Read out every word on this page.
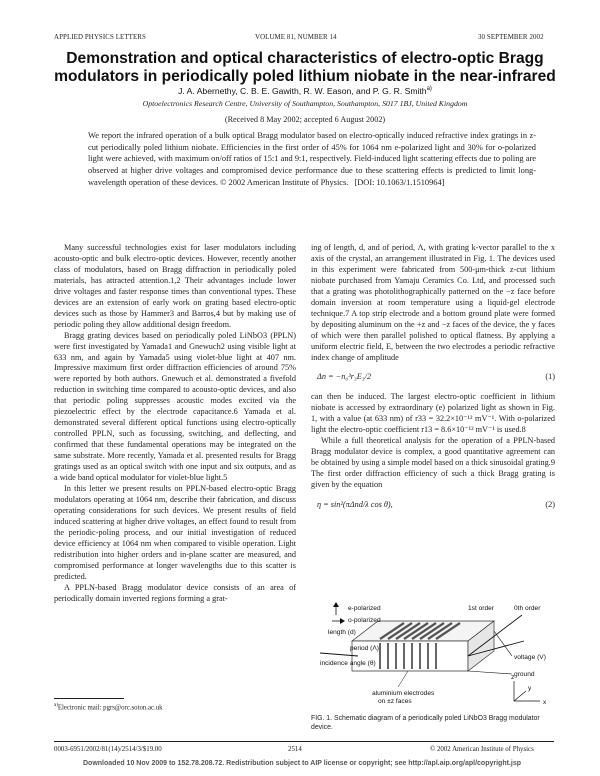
APPLIED PHYSICS LETTERS	VOLUME 81, NUMBER 14	30 SEPTEMBER 2002
Demonstration and optical characteristics of electro-optic Bragg modulators in periodically poled lithium niobate in the near-infrared
J. A. Abernethy, C. B. E. Gawith, R. W. Eason, and P. G. R. Smith$^{a)}$
Optoelectronics Research Centre, University of Southampton, Southampton, S017 1BJ, United Kingdom
(Received 8 May 2002; accepted 6 August 2002)
We report the infrared operation of a bulk optical Bragg modulator based on electro-optically induced refractive index gratings in z-cut periodically poled lithium niobate. Efficiencies in the first order of 45% for 1064 nm e-polarized light and 30% for o-polarized light were achieved, with maximum on/off ratios of 15:1 and 9:1, respectively. Field-induced light scattering effects due to poling are observed at higher drive voltages and compromised device performance due to these scattering effects is predicted to limit long-wavelength operation of these devices. © 2002 American Institute of Physics. [DOI: 10.1063/1.1510964]

Many successful technologies exist for laser modulators including acousto-optic and bulk electro-optic devices. However, recently another class of modulators, based on Bragg diffraction in periodically poled materials, has attracted attention.1,2 Their advantages include lower drive voltages and faster response times than conventional types. These devices are an extension of early work on grating based electro-optic devices such as those by Hammer3 and Barros,4 but by making use of periodic poling they allow additional design freedom.

Bragg grating devices based on periodically poled LiNbO3 (PPLN) were first investigated by Yamada1 and Gnewuch2 using visible light at 633 nm, and again by Yamada5 using violet-blue light at 407 nm. Impressive maximum first order diffraction efficiencies of around 75% were reported by both authors. Gnewuch et al. demonstrated a fivefold reduction in switching time compared to acousto-optic devices, and also that periodic poling suppresses acoustic modes excited via the piezoelectric effect by the electrode capacitance.6 Yamada et al. demonstrated several different optical functions using electro-optically controlled PPLN, such as focussing, switching, and deflecting, and confirmed that these fundamental operations may be integrated on the same substrate. More recently, Yamada et al. presented results for Bragg gratings used as an optical switch with one input and six outputs, and as a wide band optical modulator for violet-blue light.5

In this letter we present results on PPLN-based electro-optic Bragg modulators operating at 1064 nm, describe their fabrication, and discuss operating considerations for such devices. We present results of field induced scattering at higher drive voltages, an effect found to result from the periodic-poling process, and our initial investigation of reduced device efficiency at 1064 nm when compared to visible operation. Light redistribution into higher orders and in-plane scatter are measured, and compromised performance at longer wavelengths due to this scatter is predicted.

A PPLN-based Bragg modulator device consists of an area of periodically domain inverted regions forming a grat-

$^{a)}$Electronic mail: pgrs@orc.soton.ac.uk

ing of length, d, and of period, Λ, with grating k-vector parallel to the x axis of the crystal, an arrangement illustrated in Fig. 1. The devices used in this experiment were fabricated from 500-μm-thick z-cut lithium niobate purchased from Yamaju Ceramics Co. Ltd, and processed such that a grating was photolithographically patterned on the −z face before domain inversion at room temperature using a liquid-gel electrode technique.7 A top strip electrode and a bottom ground plate were formed by depositing aluminum on the +z and −z faces of the device, the y faces of which were then parallel polished to optical flatness. By applying a uniform electric field, E, between the two electrodes a periodic refractive index change of amplitude

Δn = −n₀³r₃E₃/2	(1)

can then be induced. The largest electro-optic coefficient in lithium niobate is accessed by extraordinary (e) polarized light as shown in Fig. 1, with a value (at 633 nm) of r33 = 32.2×10⁻¹² mV⁻¹. With o-polarized light the electro-optic coefficient r13 = 8.6×10⁻¹² mV⁻¹ is used.8

While a full theoretical analysis for the operation of a PPLN-based Bragg modulator device is complex, a good quantitative agreement can be obtained by using a simple model based on a thick sinusoidal grating.9 The first order diffraction efficiency of such a thick Bragg grating is given by the equation

η = sin²(πΔnd/λ cos θ),	(2)
e-polarized
o-polarized
1st order	0th order
length (d)
period (Λ)
incidence angle (θ)
voltage (V)
ground
aluminium electrodes
on ±z faces	x
y
z
FIG. 1. Schematic diagram of a periodically poled LiNbO3 Bragg modulator device.
0003-6951/2002/81(14)/2514/3/$19.00	2514	© 2002 American Institute of Physics
Downloaded 10 Nov 2009 to 152.78.208.72. Redistribution subject to AIP license or copyright; see http://apl.aip.org/apl/copyright.jsp
